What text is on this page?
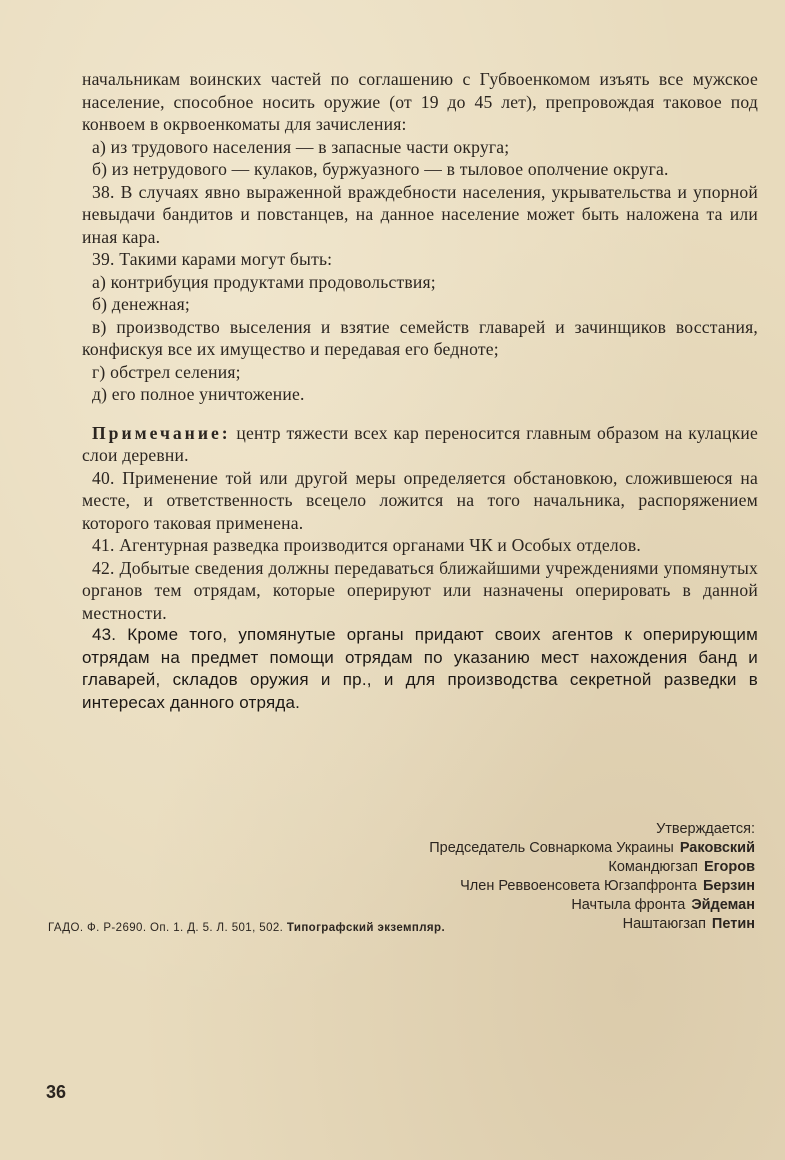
начальникам воинских частей по соглашению с Губвоенкомом изъять все мужское население, способное носить оружие (от 19 до 45 лет), препровождая таковое под конвоем в окрвоенкоматы для зачисления:

а) из трудового населения — в запасные части округа;

б) из нетрудового — кулаков, буржуазного — в тыловое ополчение округа.

38. В случаях явно выраженной враждебности населения, укрывательства и упорной невыдачи бандитов и повстанцев, на данное население может быть наложена та или иная кара.

39. Такими карами могут быть:

а) контрибуция продуктами продовольствия;

б) денежная;

в) производство выселения и взятие семейств главарей и зачинщиков восстания, конфискуя все их имущество и передавая его бедноте;

г) обстрел селения;

д) его полное уничтожение.

Примечание: центр тяжести всех кар переносится главным образом на кулацкие слои деревни.

40. Применение той или другой меры определяется обстановкою, сложившеюся на месте, и ответственность всецело ложится на того начальника, распоряжением которого таковая применена.

41. Агентурная разведка производится органами ЧК и Особых отделов.

42. Добытые сведения должны передаваться ближайшими учреждениями упомянутых органов тем отрядам, которые оперируют или назначены оперировать в данной местности.

43. Кроме того, упомянутые органы придают своих агентов к оперирующим отрядам на предмет помощи отрядам по указанию мест нахождения банд и главарей, складов оружия и пр., и для производства секретной разведки в интересах данного отряда.

Утверждается:
Председатель Совнаркома Украины Раковский
Командюгзап Егоров
Член Реввоенсовета Югзапфронта Берзин
Начтыла фронта Эйдеман
Наштаюгзап Петин
ГАДО. Ф. Р-2690. Оп. 1. Д. 5. Л. 501, 502. Типографский экземпляр.
36
